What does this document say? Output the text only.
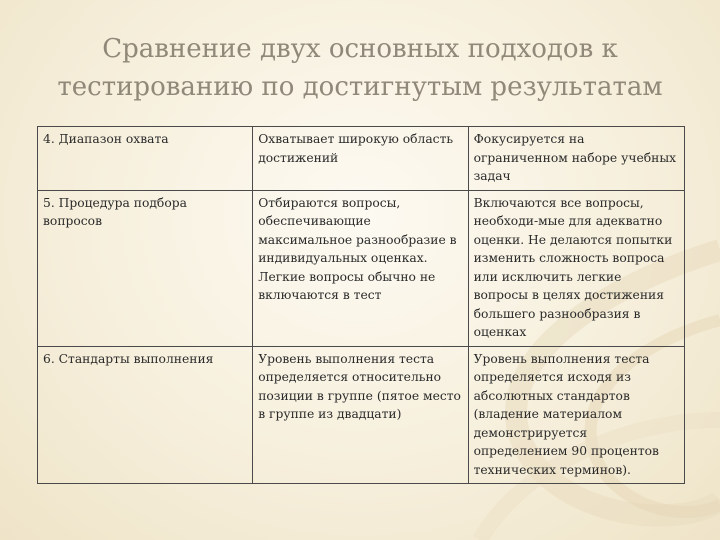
Сравнение двух основных подходов к
тестированию по достигнутым результатам
4. Диапазон охвата	Охватывает широкую область достижений	Фокусируется на ограниченном наборе учебных задач
5. Процедура подбора вопросов	Отбираются вопросы, обеспечивающие максимальное разнообразие в индивидуальных оценках. Легкие вопросы обычно не включаются в тест	Включаются все вопросы, необходи-мые для адекватно оценки. Не делаются попытки изменить сложность вопроса или исключить легкие вопросы в целях достижения большего разнообразия в оценках
6. Стандарты выполнения	Уровень выполнения теста определяется относительно позиции в группе (пятое место в группе из двадцати)	Уровень выполнения теста определяется исходя из абсолютных стандартов (владение материалом демонстрируется определением 90 процентов технических терминов).
